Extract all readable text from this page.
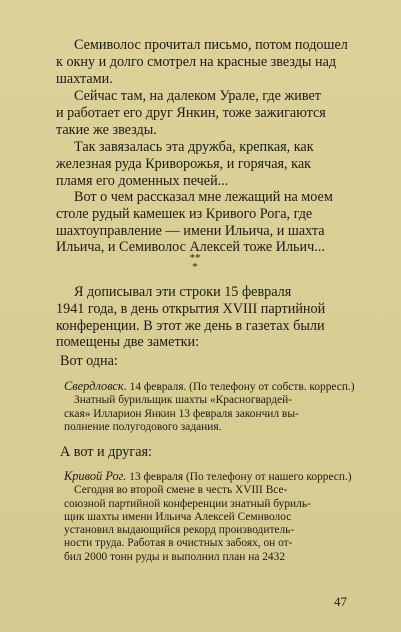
Семиволос прочитал письмо, потом подошел
к окну и долго смотрел на красные звезды над
шахтами.
Сейчас там, на далеком Урале, где живет
и работает его друг Янкин, тоже зажигаются
такие же звезды.
Так завязалась эта дружба, крепкая, как
железная руда Криворожья, и горячая, как
пламя его доменных печей...
Вот о чем рассказал мне лежащий на моем
столе рудый камешек из Кривого Рога, где
шахтоуправление — имени Ильича, и шахта
Ильича, и Семиволос Алексей тоже Ильич...
**
*
Я дописывал эти строки 15 февраля
1941 года, в день открытия XVIII партийной
конференции. В этот же день в газетах были
помещены две заметки:
Вот одна:
Свердловск. 14 февраля. (По телефону от собств. корресп.)
Знатный бурильщик шахты «Красногвардей-
ская» Илларион Янкин 13 февраля закончил вы-
полнение полугодового задания.
А вот и другая:
Кривой Рог. 13 февраля (По телефону от нашего корресп.)
Сегодня во второй смене в честь XVIII Все-
союзной партийной конференции знатный буриль-
щик шахты имени Ильича Алексей Семиволос
установил выдающийся рекорд производитель-
ности труда. Работая в очистных забоях, он от-
бил 2000 тонн руды и выполнил план на 2432
47
